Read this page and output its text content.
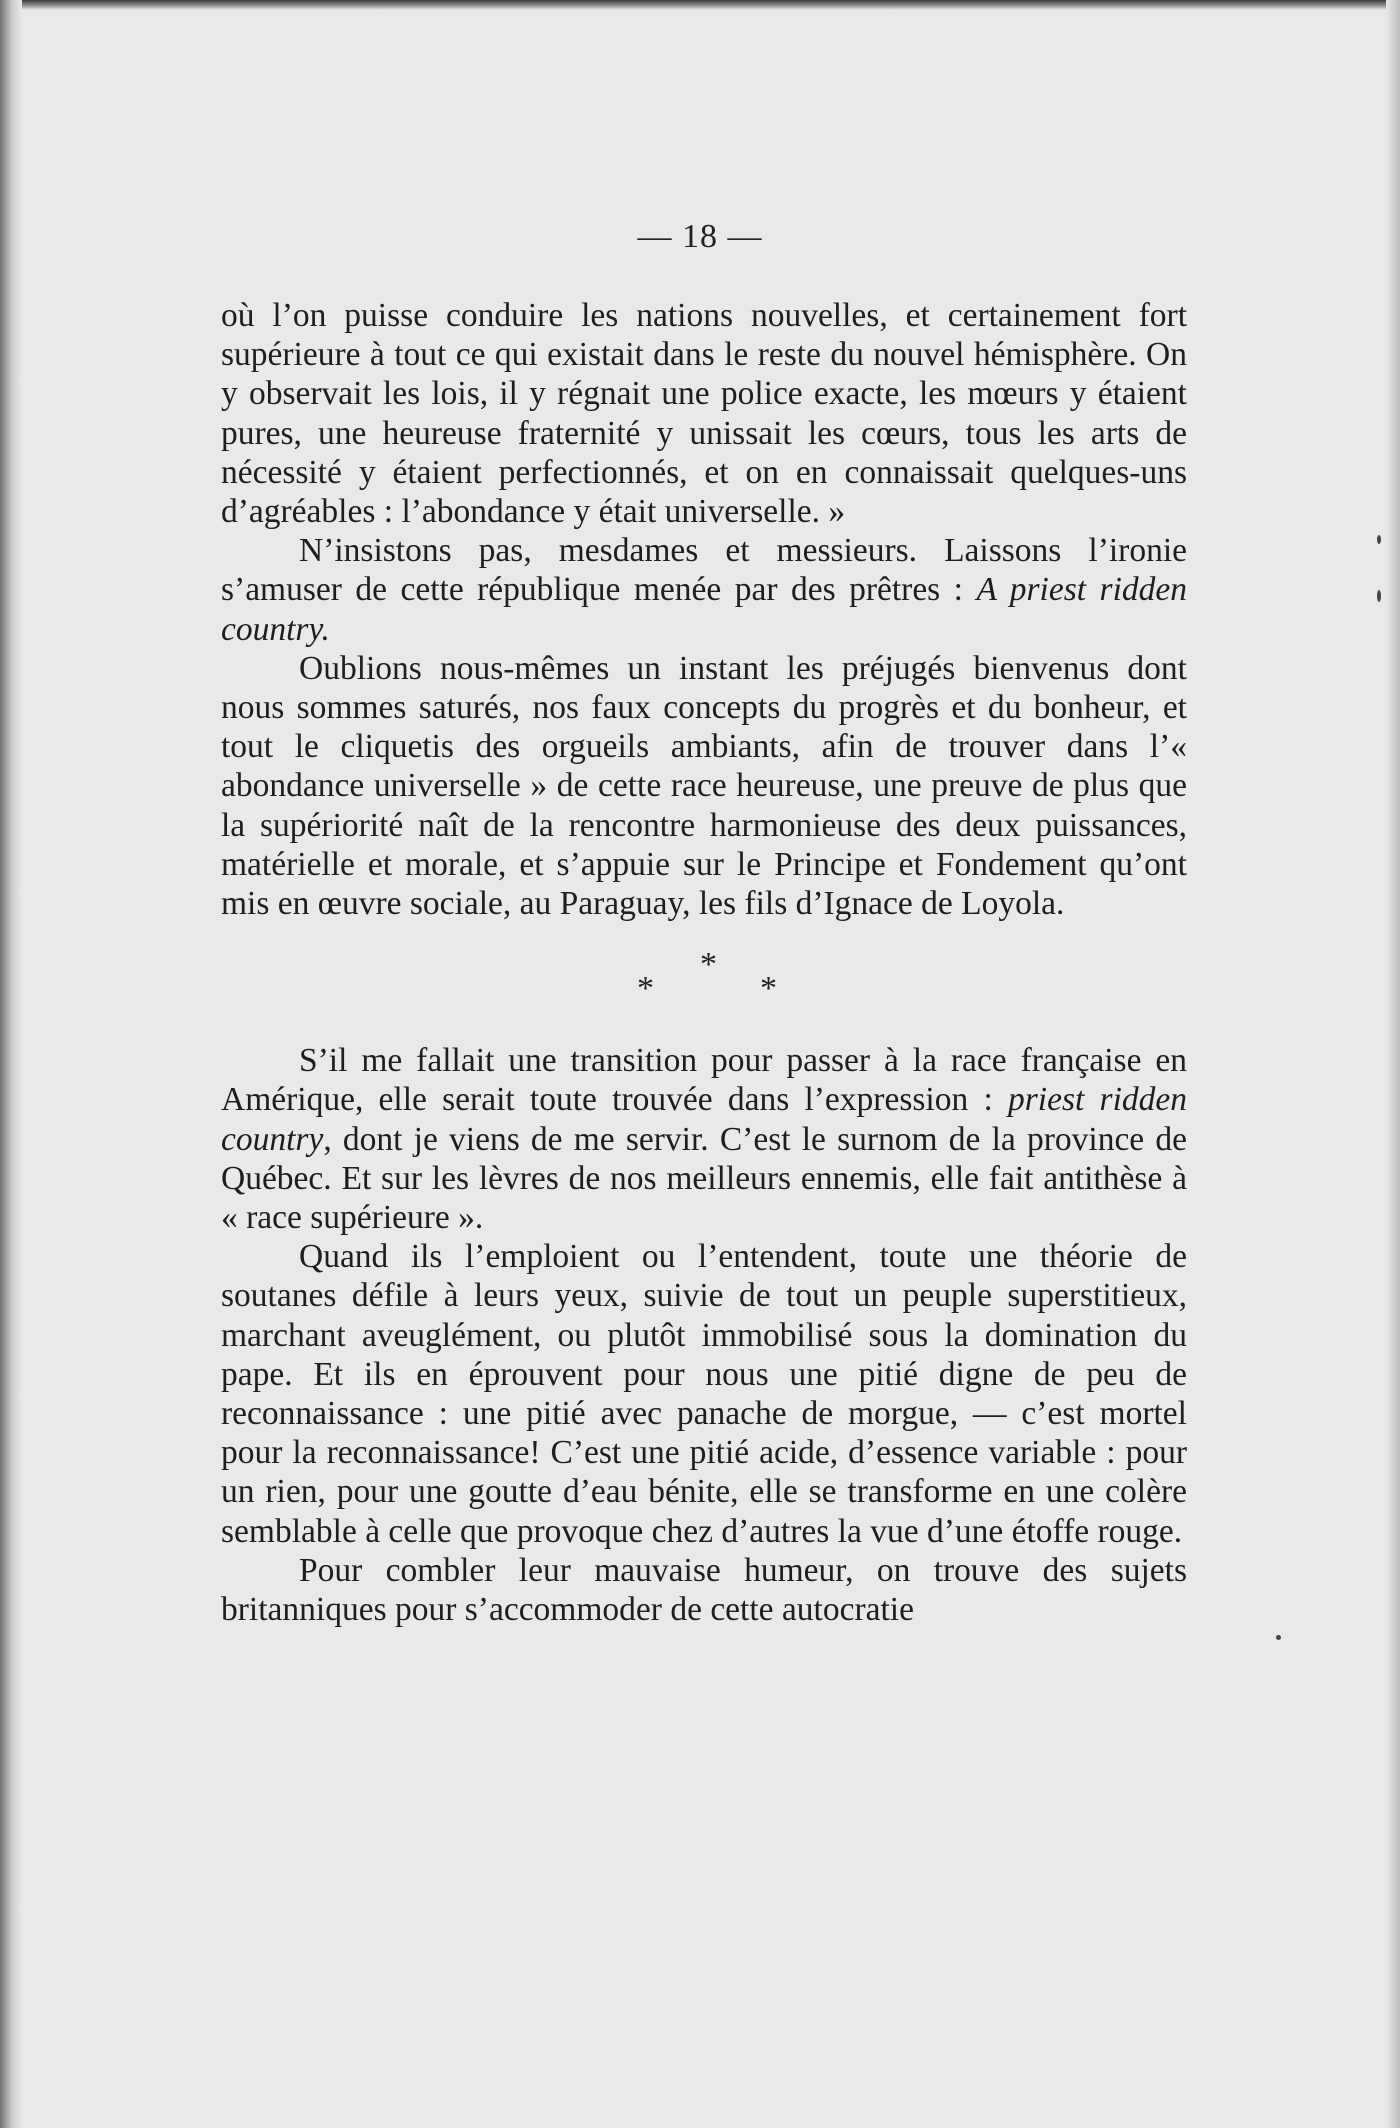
— 18 —

où l’on puisse conduire les nations nouvelles, et certainement fort supérieure à tout ce qui existait dans le reste du nouvel hémisphère. On y observait les lois, il y régnait une police exacte, les mœurs y étaient pures, une heureuse fraternité y unissait les cœurs, tous les arts de nécessité y étaient perfectionnés, et on en connaissait quelques-uns d’agréables : l’abondance y était universelle. »

N’insistons pas, mesdames et messieurs. Laissons l’ironie s’amuser de cette république menée par des prêtres : A priest ridden country.

Oublions nous-mêmes un instant les préjugés bienvenus dont nous sommes saturés, nos faux concepts du progrès et du bonheur, et tout le cliquetis des orgueils ambiants, afin de trouver dans l’« abondance universelle » de cette race heureuse, une preuve de plus que la supériorité naît de la rencontre harmonieuse des deux puissances, matérielle et morale, et s’appuie sur le Principe et Fondement qu’ont mis en œuvre sociale, au Paraguay, les fils d’Ignace de Loyola.

*
*
*

S’il me fallait une transition pour passer à la race française en Amérique, elle serait toute trouvée dans l’expression : priest ridden country, dont je viens de me servir. C’est le surnom de la province de Québec. Et sur les lèvres de nos meilleurs ennemis, elle fait antithèse à « race supérieure ».

Quand ils l’emploient ou l’entendent, toute une théorie de soutanes défile à leurs yeux, suivie de tout un peuple superstitieux, marchant aveuglément, ou plutôt immobilisé sous la domination du pape. Et ils en éprouvent pour nous une pitié digne de peu de reconnaissance : une pitié avec panache de morgue, — c’est mortel pour la reconnaissance! C’est une pitié acide, d’essence variable : pour un rien, pour une goutte d’eau bénite, elle se transforme en une colère semblable à celle que provoque chez d’autres la vue d’une étoffe rouge.

Pour combler leur mauvaise humeur, on trouve des sujets britanniques pour s’accommoder de cette autocratie
